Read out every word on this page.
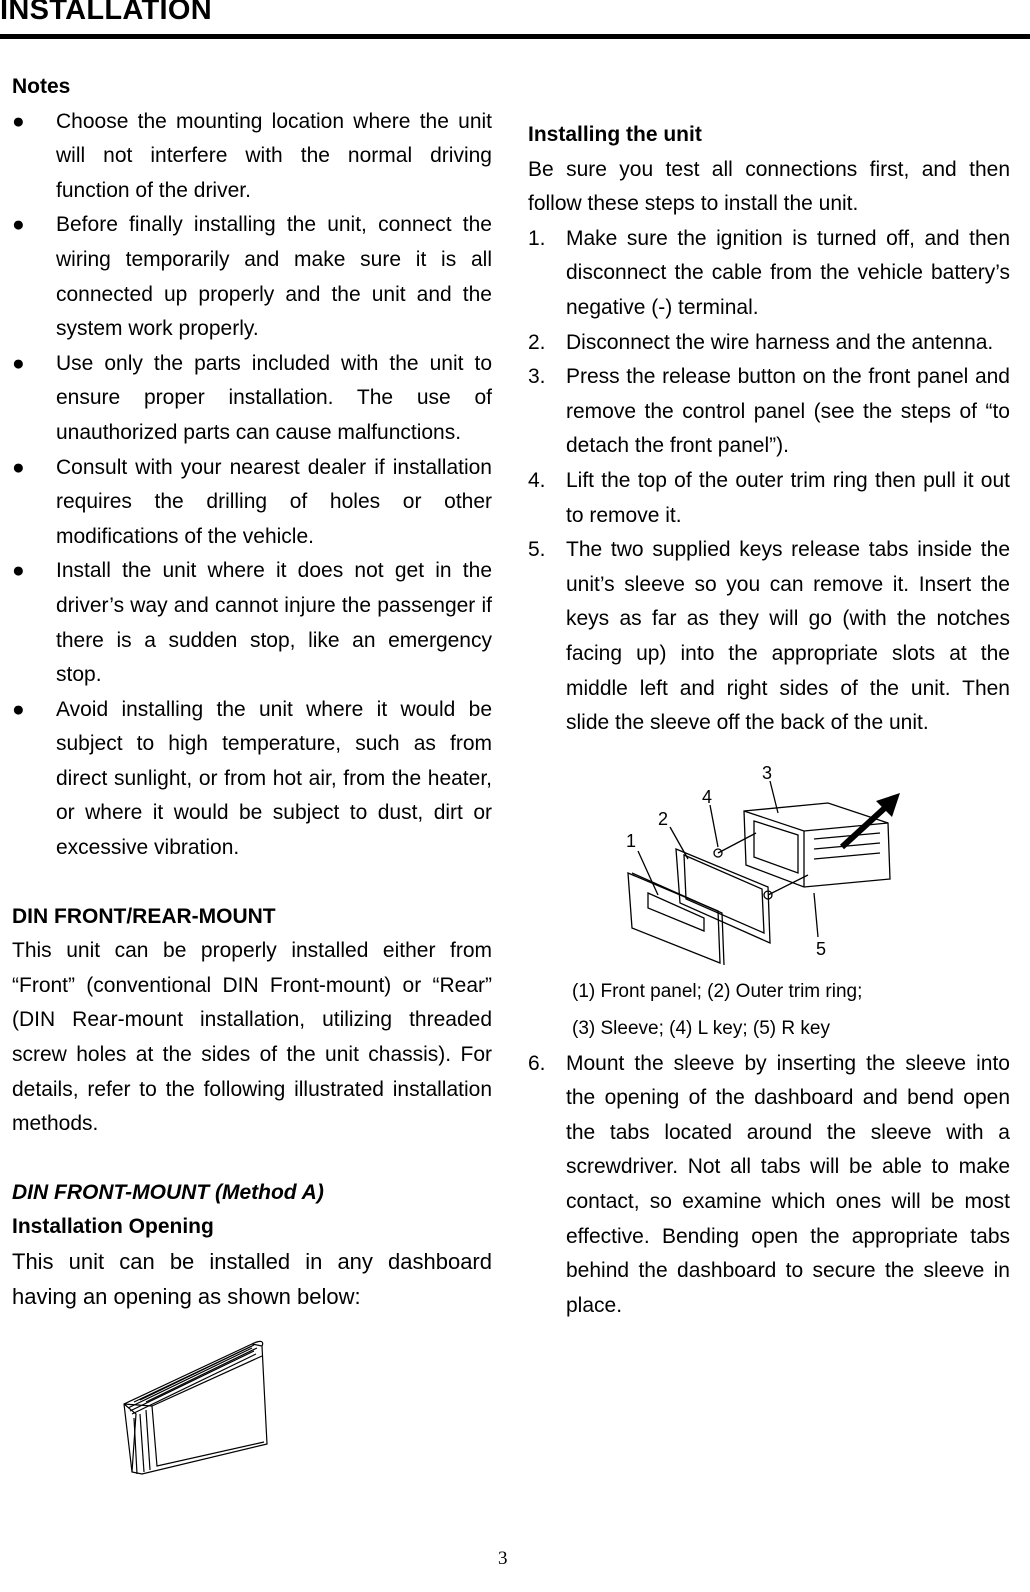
INSTALLATION
Notes
●	Choose the mounting location where the unit will not interfere with the normal driving function of the driver.
●	Before finally installing the unit, connect the wiring temporarily and make sure it is all connected up properly and the unit and the system work properly.
●	Use only the parts included with the unit to ensure proper installation. The use of unauthorized parts can cause malfunctions.
●	Consult with your nearest dealer if installation requires the drilling of holes or other modifications of the vehicle.
●	Install the unit where it does not get in the driver’s way and cannot injure the passenger if there is a sudden stop, like an emergency stop.
●	Avoid installing the unit where it would be subject to high temperature, such as from direct sunlight, or from hot air, from the heater, or where it would be subject to dust, dirt or excessive vibration.
DIN FRONT/REAR-MOUNT

This unit can be properly installed either from “Front” (conventional DIN Front-mount) or “Rear” (DIN Rear-mount installation, utilizing threaded screw holes at the sides of the unit chassis). For details, refer to the following illustrated installation methods.

DIN FRONT-MOUNT (Method A)
Installation Opening

This unit can be installed in any dashboard having an opening as shown below:

Installing the unit

Be sure you test all connections first, and then follow these steps to install the unit.

1. Make sure the ignition is turned off, and then disconnect the cable from the vehicle battery’s negative (-) terminal.
2. Disconnect the wire harness and the antenna.
3. Press the release button on the front panel and remove the control panel (see the steps of “to detach the front panel”).
4. Lift the top of the outer trim ring then pull it out to remove it.
5. The two supplied keys release tabs inside the unit’s sleeve so you can remove it. Insert the keys as far as they will go (with the notches facing up) into the appropriate slots at the middle left and right sides of the unit. Then slide the sleeve off the back of the unit.
1
2
3
4
5
(1) Front panel; (2) Outer trim ring;
(3) Sleeve; (4) L key; (5) R key
6. Mount the sleeve by inserting the sleeve into the opening of the dashboard and bend open the tabs located around the sleeve with a screwdriver. Not all tabs will be able to make contact, so examine which ones will be most effective. Bending open the appropriate tabs behind the dashboard to secure the sleeve in place.
3
